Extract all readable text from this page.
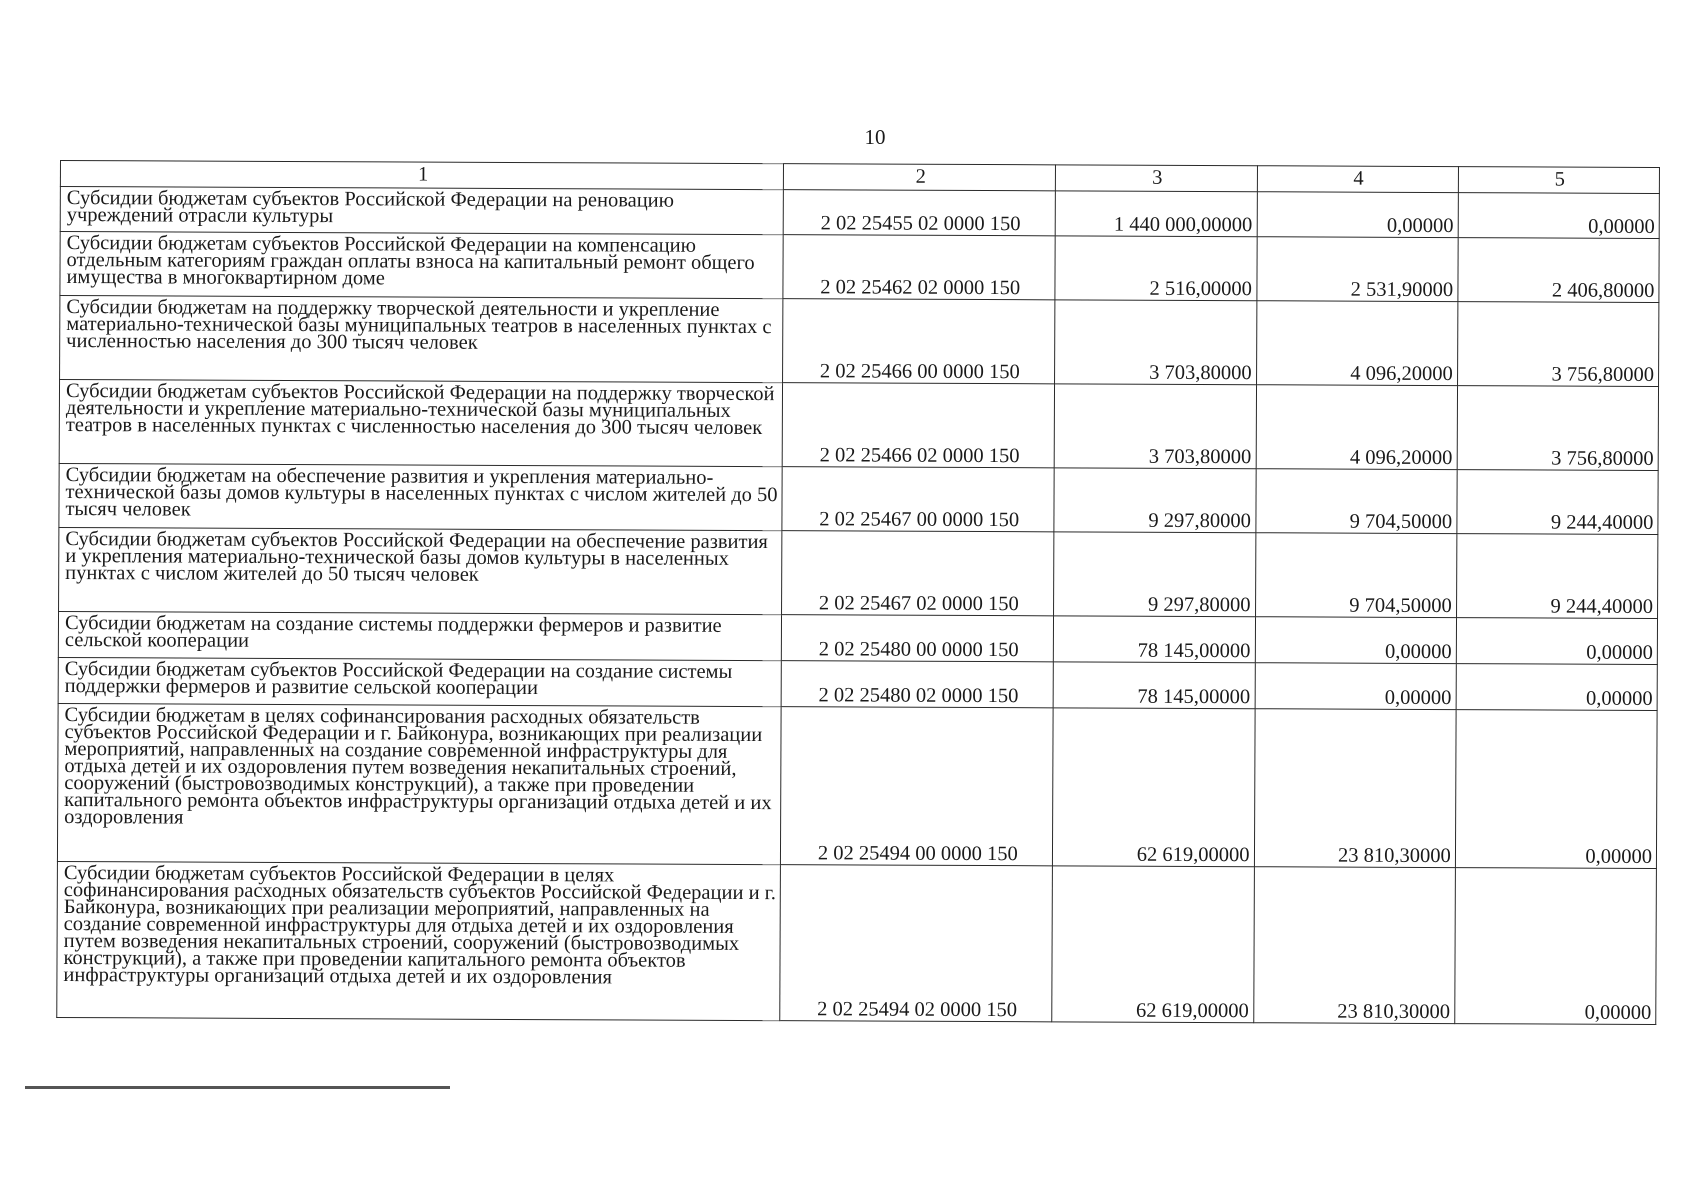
10
1	2	3	4	5
Субсидии бюджетам субъектов Российской Федерации на реновацию учреждений отрасли культуры	2 02 25455 02 0000 150	1 440 000,00000	0,00000	0,00000
Субсидии бюджетам субъектов Российской Федерации на компенсацию отдельным категориям граждан оплаты взноса на капитальный ремонт общего имущества в многоквартирном доме	2 02 25462 02 0000 150	2 516,00000	2 531,90000	2 406,80000
Субсидии бюджетам на поддержку творческой деятельности и укрепление материально-технической базы муниципальных театров в населенных пунктах с численностью населения до 300 тысяч человек	2 02 25466 00 0000 150	3 703,80000	4 096,20000	3 756,80000
Субсидии бюджетам субъектов Российской Федерации на поддержку творческой деятельности и укрепление материально-технической базы муниципальных театров в населенных пунктах с численностью населения до 300 тысяч человек	2 02 25466 02 0000 150	3 703,80000	4 096,20000	3 756,80000
Субсидии бюджетам на обеспечение развития и укрепления материально-технической базы домов культуры в населенных пунктах с числом жителей до 50 тысяч человек	2 02 25467 00 0000 150	9 297,80000	9 704,50000	9 244,40000
Субсидии бюджетам субъектов Российской Федерации на обеспечение развития и укрепления материально-технической базы домов культуры в населенных пунктах с числом жителей до 50 тысяч человек	2 02 25467 02 0000 150	9 297,80000	9 704,50000	9 244,40000
Субсидии бюджетам на создание системы поддержки фермеров и развитие сельской кооперации	2 02 25480 00 0000 150	78 145,00000	0,00000	0,00000
Субсидии бюджетам субъектов Российской Федерации на создание системы поддержки фермеров и развитие сельской кооперации	2 02 25480 02 0000 150	78 145,00000	0,00000	0,00000
Субсидии бюджетам в целях софинансирования расходных обязательств субъектов Российской Федерации и г. Байконура, возникающих при реализации мероприятий, направленных на создание современной инфраструктуры для отдыха детей и их оздоровления путем возведения некапитальных строений, сооружений (быстровозводимых конструкций), а также при проведении капитального ремонта объектов инфраструктуры организаций отдыха детей и их оздоровления	2 02 25494 00 0000 150	62 619,00000	23 810,30000	0,00000
Субсидии бюджетам субъектов Российской Федерации в целях софинансирования расходных обязательств субъектов Российской Федерации и г. Байконура, возникающих при реализации мероприятий, направленных на создание современной инфраструктуры для отдыха детей и их оздоровления путем возведения некапитальных строений, сооружений (быстровозводимых конструкций), а также при проведении капитального ремонта объектов инфраструктуры организаций отдыха детей и их оздоровления	2 02 25494 02 0000 150	62 619,00000	23 810,30000	0,00000
